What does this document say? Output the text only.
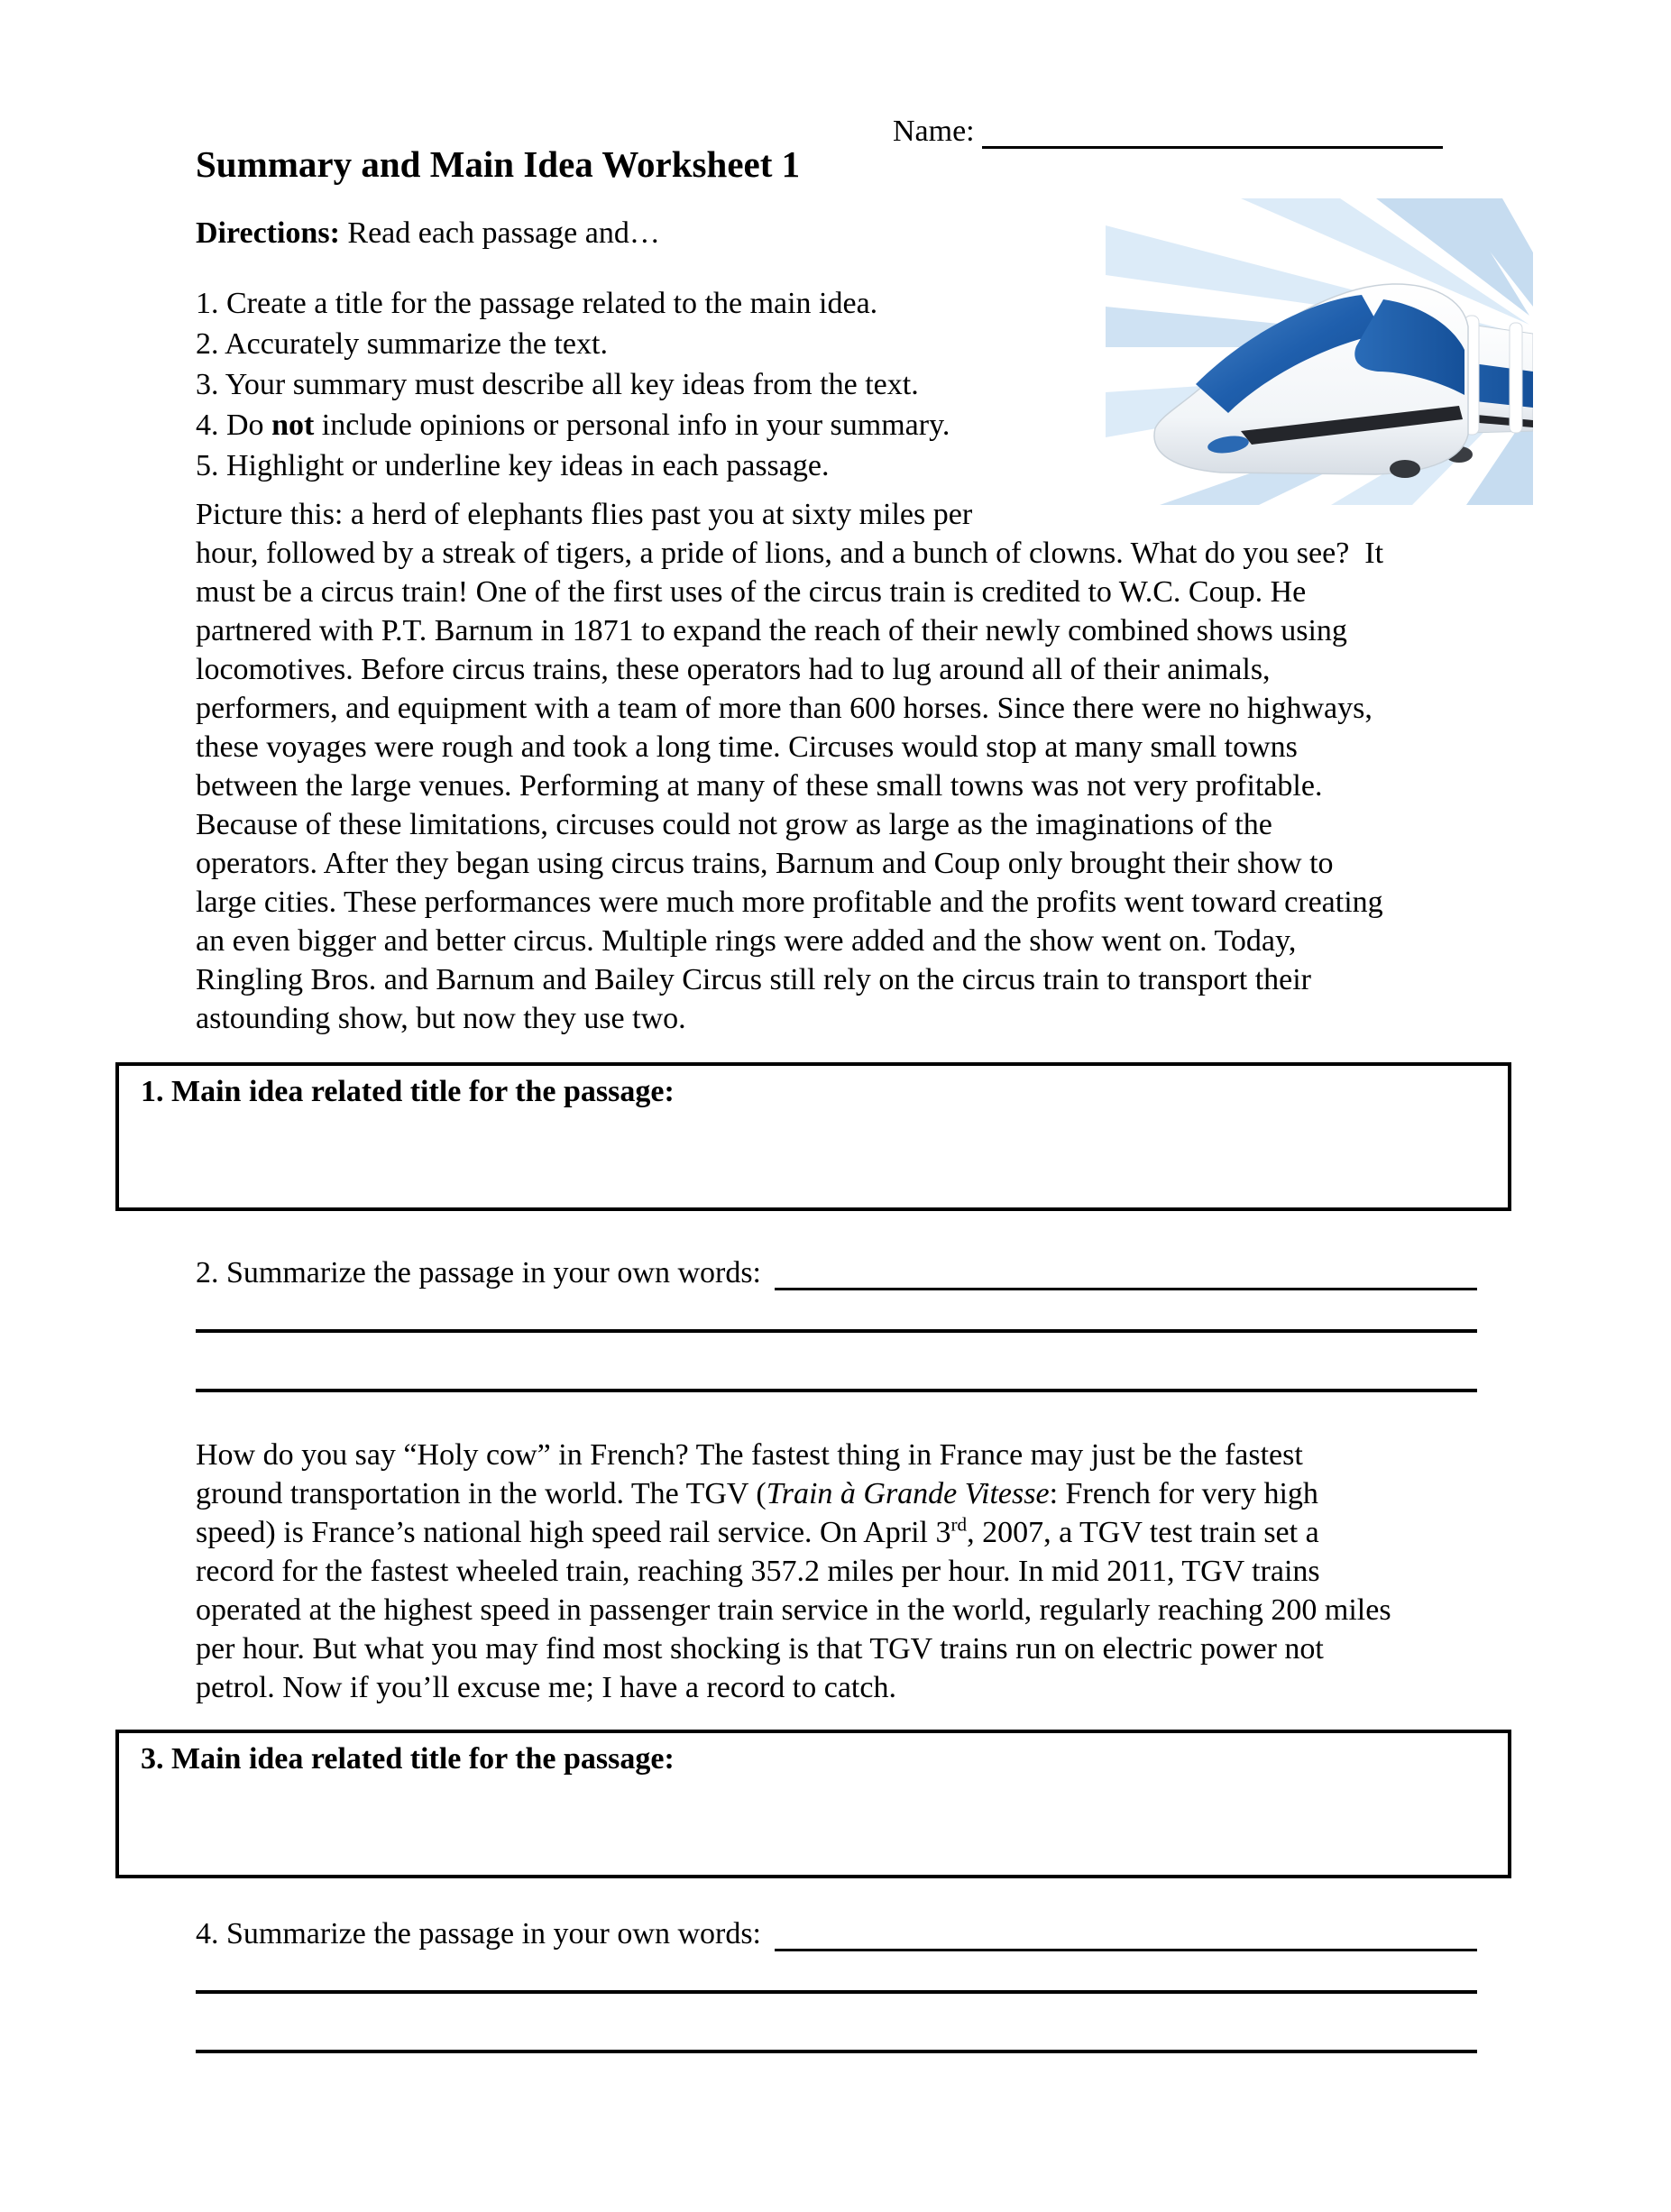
Name:
Summary and Main Idea Worksheet 1
Directions: Read each passage and…
1. Create a title for the passage related to the main idea.
2. Accurately summarize the text.
3. Your summary must describe all key ideas from the text.
4. Do not include opinions or personal info in your summary.
5. Highlight or underline key ideas in each passage.
Picture this: a herd of elephants flies past you at sixty miles per
hour, followed by a streak of tigers, a pride of lions, and a bunch of clowns. What do you see?  It
must be a circus train! One of the first uses of the circus train is credited to W.C. Coup. He
partnered with P.T. Barnum in 1871 to expand the reach of their newly combined shows using
locomotives. Before circus trains, these operators had to lug around all of their animals,
performers, and equipment with a team of more than 600 horses. Since there were no highways,
these voyages were rough and took a long time. Circuses would stop at many small towns
between the large venues. Performing at many of these small towns was not very profitable.
Because of these limitations, circuses could not grow as large as the imaginations of the
operators. After they began using circus trains, Barnum and Coup only brought their show to
large cities. These performances were much more profitable and the profits went toward creating
an even bigger and better circus. Multiple rings were added and the show went on. Today,
Ringling Bros. and Barnum and Bailey Circus still rely on the circus train to transport their
astounding show, but now they use two.
1. Main idea related title for the passage:
2. Summarize the passage in your own words:
How do you say “Holy cow” in French? The fastest thing in France may just be the fastest
ground transportation in the world. The TGV (Train à Grande Vitesse: French for very high
speed) is France’s national high speed rail service. On April 3rd, 2007, a TGV test train set a
record for the fastest wheeled train, reaching 357.2 miles per hour. In mid 2011, TGV trains
operated at the highest speed in passenger train service in the world, regularly reaching 200 miles
per hour. But what you may find most shocking is that TGV trains run on electric power not
petrol. Now if you’ll excuse me; I have a record to catch.
3. Main idea related title for the passage:
4. Summarize the passage in your own words:
